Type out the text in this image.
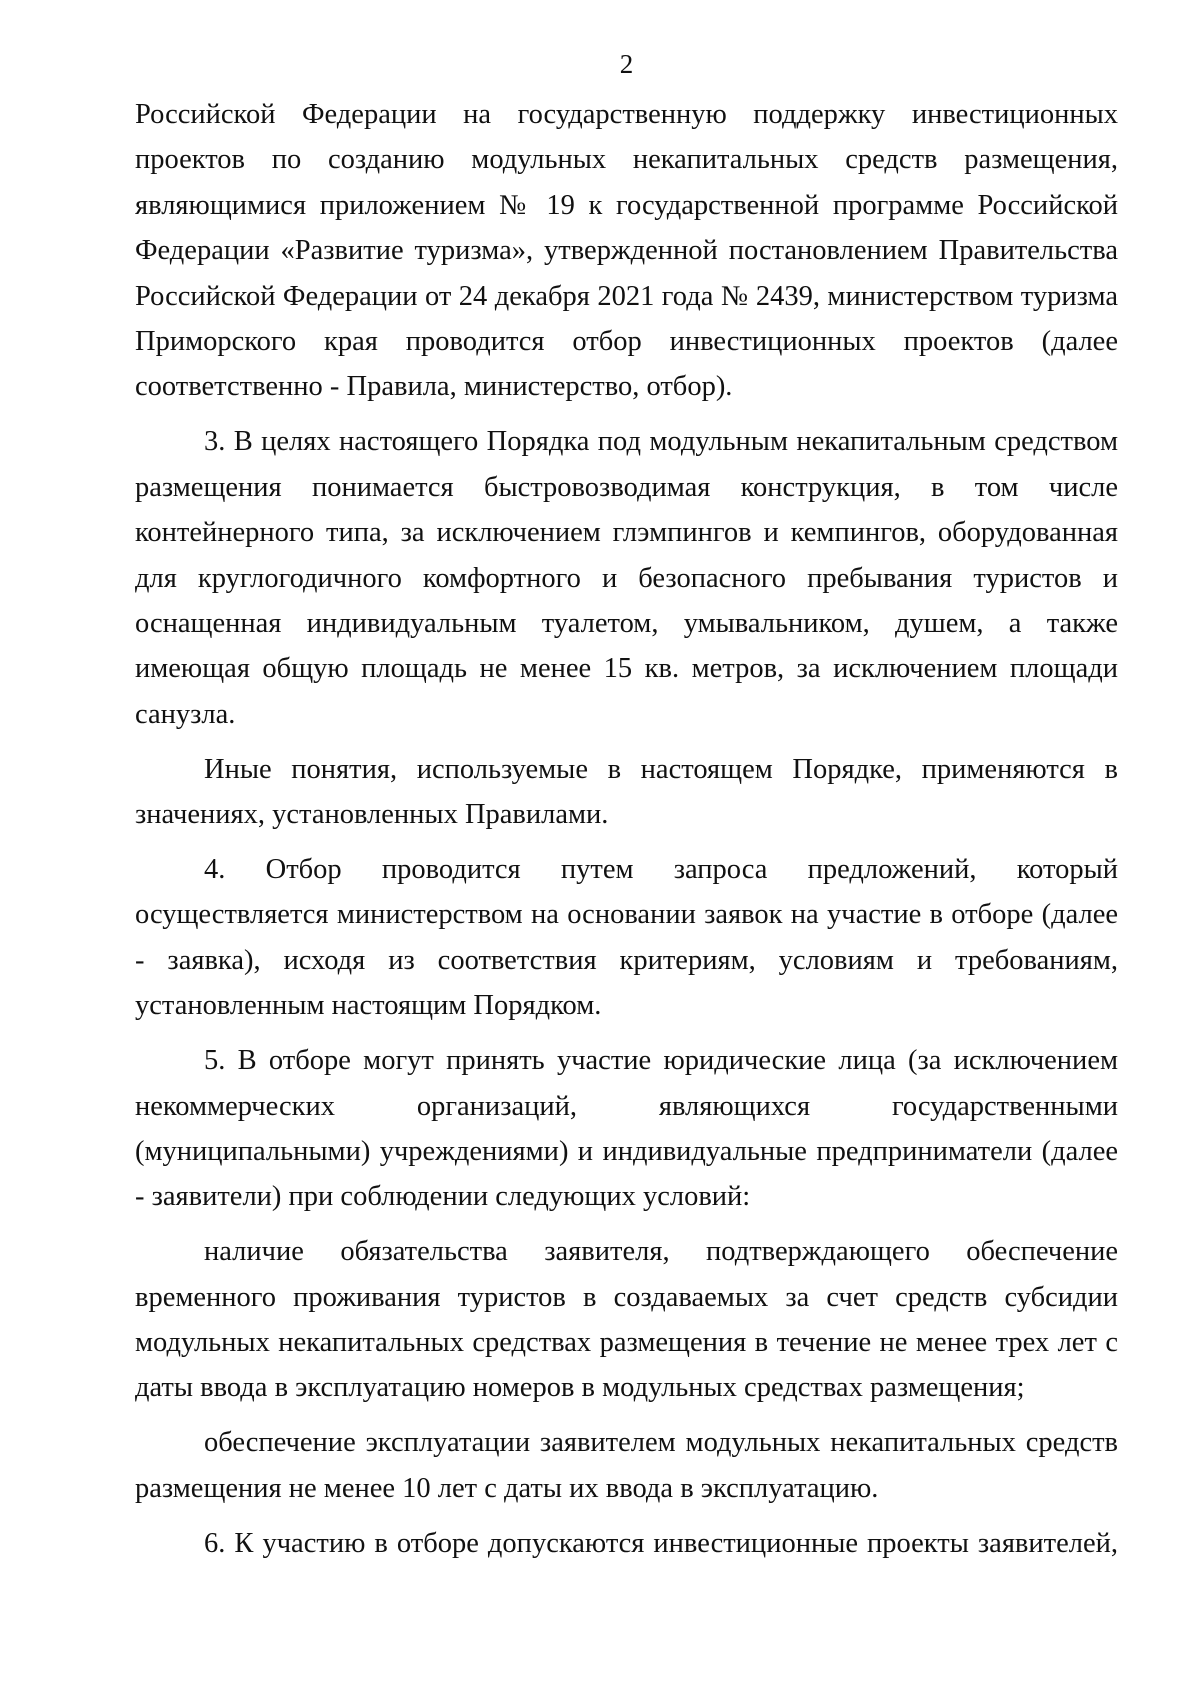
2

Российской Федерации на государственную поддержку инвестиционных проектов по созданию модульных некапитальных средств размещения, являющимися приложением № 19 к государственной программе Российской Федерации «Развитие туризма», утвержденной постановлением Правительства Российской Федерации от 24 декабря 2021 года № 2439, министерством туризма Приморского края проводится отбор инвестиционных проектов (далее соответственно - Правила, министерство, отбор).

3. В целях настоящего Порядка под модульным некапитальным средством размещения понимается быстровозводимая конструкция, в том числе контейнерного типа, за исключением глэмпингов и кемпингов, оборудованная для круглогодичного комфортного и безопасного пребывания туристов и оснащенная индивидуальным туалетом, умывальником, душем, а также имеющая общую площадь не менее 15 кв. метров, за исключением площади санузла.

Иные понятия, используемые в настоящем Порядке, применяются в значениях, установленных Правилами.

4. Отбор проводится путем запроса предложений, который осуществляется министерством на основании заявок на участие в отборе (далее - заявка), исходя из соответствия критериям, условиям и требованиям, установленным настоящим Порядком.

5. В отборе могут принять участие юридические лица (за исключением некоммерческих организаций, являющихся государственными (муниципальными) учреждениями) и индивидуальные предприниматели (далее - заявители) при соблюдении следующих условий:

наличие обязательства заявителя, подтверждающего обеспечение временного проживания туристов в создаваемых за счет средств субсидии модульных некапитальных средствах размещения в течение не менее трех лет с даты ввода в эксплуатацию номеров в модульных средствах размещения;

обеспечение эксплуатации заявителем модульных некапитальных средств размещения не менее 10 лет с даты их ввода в эксплуатацию.

6. К участию в отборе допускаются инвестиционные проекты заявителей,
